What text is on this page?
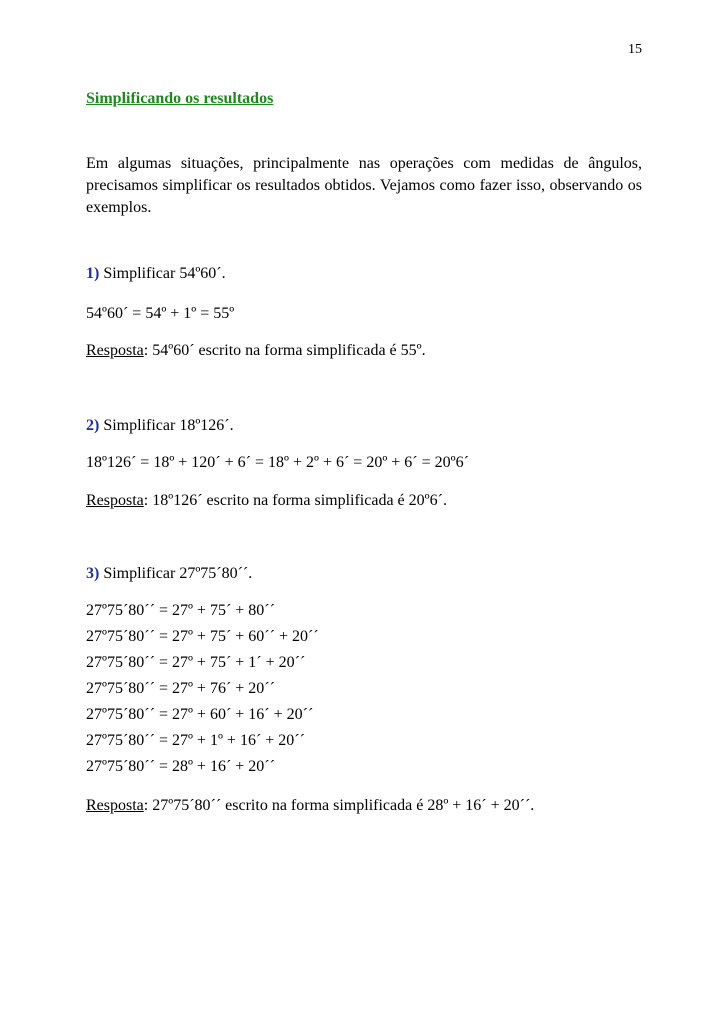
15
Simplificando os resultados
Em algumas situações, principalmente nas operações com medidas de ângulos, precisamos simplificar os resultados obtidos. Vejamos como fazer isso, observando os exemplos.
1) Simplificar 54º60´.
54º60´ = 54º + 1º = 55º
Resposta: 54º60´ escrito na forma simplificada é 55º.
2) Simplificar 18º126´.
18º126´ = 18º + 120´ + 6´ = 18º + 2º + 6´ = 20º + 6´ = 20º6´
Resposta: 18º126´ escrito na forma simplificada é 20º6´.
3) Simplificar 27º75´80´´.
27º75´80´´ = 27º + 75´ + 80´´
27º75´80´´ = 27º + 75´ + 60´´ + 20´´
27º75´80´´ = 27º + 75´ + 1´ + 20´´
27º75´80´´ = 27º + 76´ + 20´´
27º75´80´´ = 27º + 60´ + 16´ + 20´´
27º75´80´´ = 27º + 1º + 16´ + 20´´
27º75´80´´ = 28º + 16´ + 20´´
Resposta: 27º75´80´´ escrito na forma simplificada é 28º + 16´ + 20´´.
